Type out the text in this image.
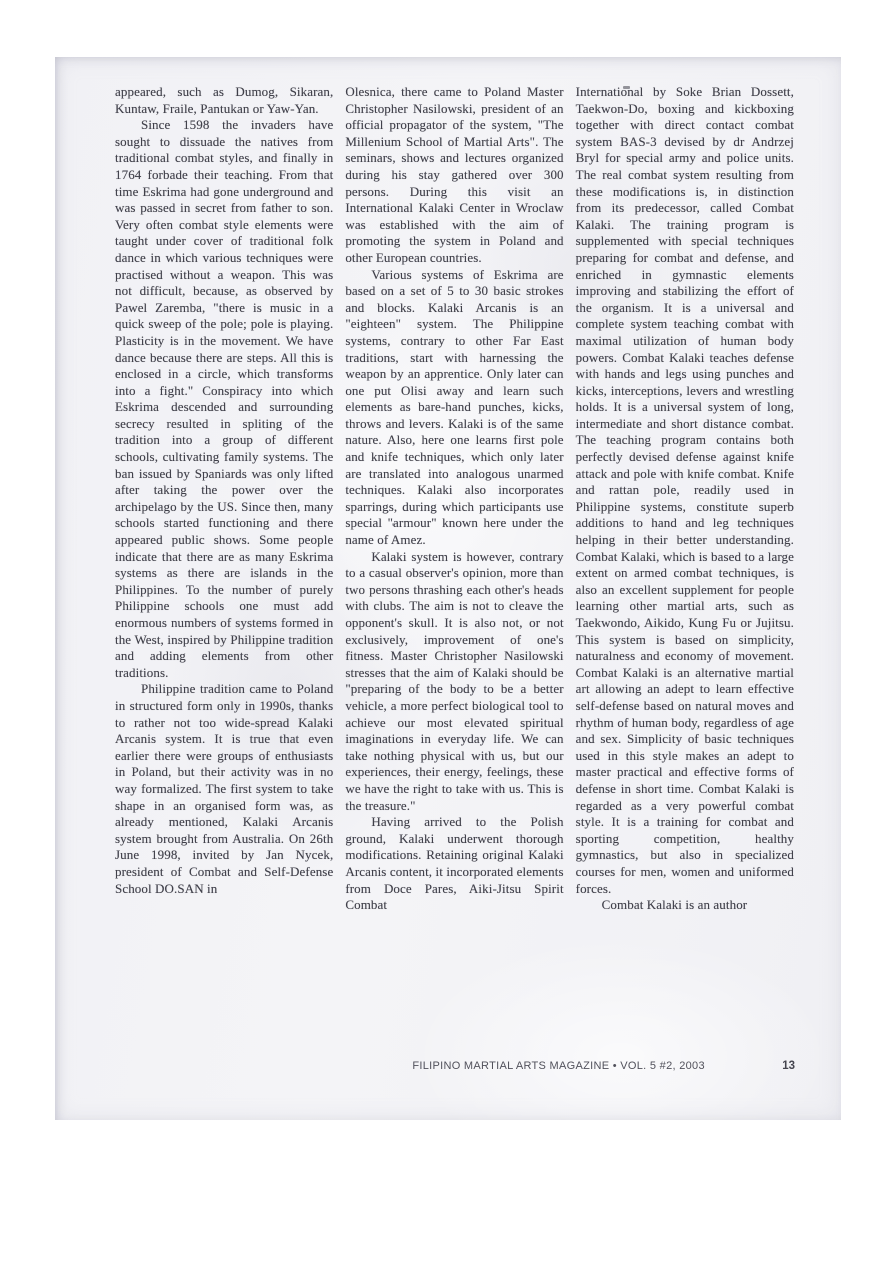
appeared, such as Dumog, Sikaran, Kuntaw, Fraile, Pantukan or Yaw-Yan.

Since 1598 the invaders have sought to dissuade the natives from traditional combat styles, and finally in 1764 forbade their teaching. From that time Eskrima had gone underground and was passed in secret from father to son. Very often combat style elements were taught under cover of traditional folk dance in which various techniques were practised without a weapon. This was not difficult, because, as observed by Pawel Zaremba, "there is music in a quick sweep of the pole; pole is playing. Plasticity is in the movement. We have dance because there are steps. All this is enclosed in a circle, which transforms into a fight." Conspiracy into which Eskrima descended and surrounding secrecy resulted in spliting of the tradition into a group of different schools, cultivating family systems. The ban issued by Spaniards was only lifted after taking the power over the archipelago by the US. Since then, many schools started functioning and there appeared public shows. Some people indicate that there are as many Eskrima systems as there are islands in the Philippines. To the number of purely Philippine schools one must add enormous numbers of systems formed in the West, inspired by Philippine tradition and adding elements from other traditions.

Philippine tradition came to Poland in structured form only in 1990s, thanks to rather not too wide-spread Kalaki Arcanis system. It is true that even earlier there were groups of enthusiasts in Poland, but their activity was in no way formalized. The first system to take shape in an organised form was, as already mentioned, Kalaki Arcanis system brought from Australia. On 26th June 1998, invited by Jan Nycek, president of Combat and Self-Defense School DO.SAN in

Olesnica, there came to Poland Master Christopher Nasilowski, president of an official propagator of the system, "The Millenium School of Martial Arts". The seminars, shows and lectures organized during his stay gathered over 300 persons. During this visit an International Kalaki Center in Wroclaw was established with the aim of promoting the system in Poland and other European countries.

Various systems of Eskrima are based on a set of 5 to 30 basic strokes and blocks. Kalaki Arcanis is an "eighteen" system. The Philippine systems, contrary to other Far East traditions, start with harnessing the weapon by an apprentice. Only later can one put Olisi away and learn such elements as bare-hand punches, kicks, throws and levers. Kalaki is of the same nature. Also, here one learns first pole and knife techniques, which only later are translated into analogous unarmed techniques. Kalaki also incorporates sparrings, during which participants use special "armour" known here under the name of Amez.

Kalaki system is however, contrary to a casual observer's opinion, more than two persons thrashing each other's heads with clubs. The aim is not to cleave the opponent's skull. It is also not, or not exclusively, improvement of one's fitness. Master Christopher Nasilowski stresses that the aim of Kalaki should be "preparing of the body to be a better vehicle, a more perfect biological tool to achieve our most elevated spiritual imaginations in everyday life. We can take nothing physical with us, but our experiences, their energy, feelings, these we have the right to take with us. This is the treasure."

Having arrived to the Polish ground, Kalaki underwent thorough modifications. Retaining original Kalaki Arcanis content, it incorporated elements from Doce Pares, Aiki-Jitsu Spirit Combat

International by Soke Brian Dossett, Taekwon-Do, boxing and kickboxing together with direct contact combat system BAS-3 devised by dr Andrzej Bryl for special army and police units. The real combat system resulting from these modifications is, in distinction from its predecessor, called Combat Kalaki. The training program is supplemented with special techniques preparing for combat and defense, and enriched in gymnastic elements improving and stabilizing the effort of the organism. It is a universal and complete system teaching combat with maximal utilization of human body powers. Combat Kalaki teaches defense with hands and legs using punches and kicks, interceptions, levers and wrestling holds. It is a universal system of long, intermediate and short distance combat. The teaching program contains both perfectly devised defense against knife attack and pole with knife combat. Knife and rattan pole, readily used in Philippine systems, constitute superb additions to hand and leg techniques helping in their better understanding. Combat Kalaki, which is based to a large extent on armed combat techniques, is also an excellent supplement for people learning other martial arts, such as Taekwondo, Aikido, Kung Fu or Jujitsu. This system is based on simplicity, naturalness and economy of movement. Combat Kalaki is an alternative martial art allowing an adept to learn effective self-defense based on natural moves and rhythm of human body, regardless of age and sex. Simplicity of basic techniques used in this style makes an adept to master practical and effective forms of defense in short time. Combat Kalaki is regarded as a very powerful combat style. It is a training for combat and sporting competition, healthy gymnastics, but also in specialized courses for men, women and uniformed forces.

Combat Kalaki is an author

FILIPINO MARTIAL ARTS MAGAZINE • VOL. 5 #2, 2003	13
